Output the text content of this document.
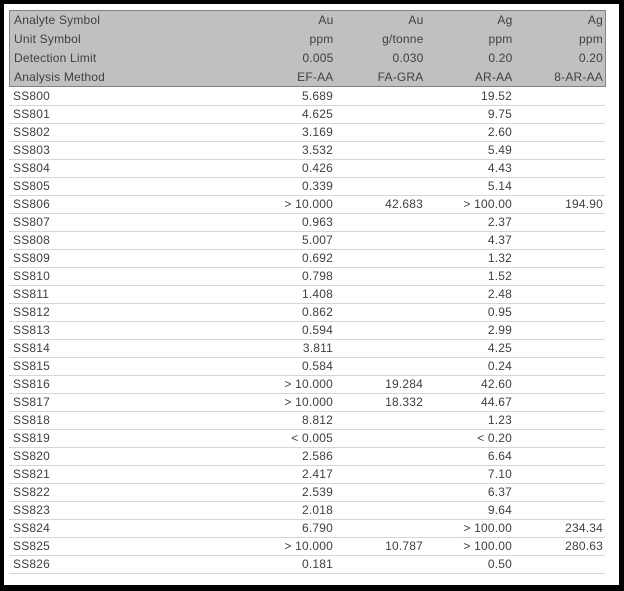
Analyte Symbol	Au	Au	Ag	Ag
Unit Symbol	ppm	g/tonne	ppm	ppm
Detection Limit	0.005	0.030	0.20	0.20
Analysis Method	EF-AA	FA-GRA	AR-AA	8-AR-AA
SS800	5.689		19.52	
SS801	4.625		9.75	
SS802	3.169		2.60	
SS803	3.532		5.49	
SS804	0.426		4.43	
SS805	0.339		5.14	
SS806	> 10.000	42.683	> 100.00	194.90
SS807	0.963		2.37	
SS808	5.007		4.37	
SS809	0.692		1.32	
SS810	0.798		1.52	
SS811	1.408		2.48	
SS812	0.862		0.95	
SS813	0.594		2.99	
SS814	3.811		4.25	
SS815	0.584		0.24	
SS816	> 10.000	19.284	42.60	
SS817	> 10.000	18.332	44.67	
SS818	8.812		1.23	
SS819	< 0.005		< 0.20	
SS820	2.586		6.64	
SS821	2.417		7.10	
SS822	2.539		6.37	
SS823	2.018		9.64	
SS824	6.790		> 100.00	234.34
SS825	> 10.000	10.787	> 100.00	280.63
SS826	0.181		0.50	
